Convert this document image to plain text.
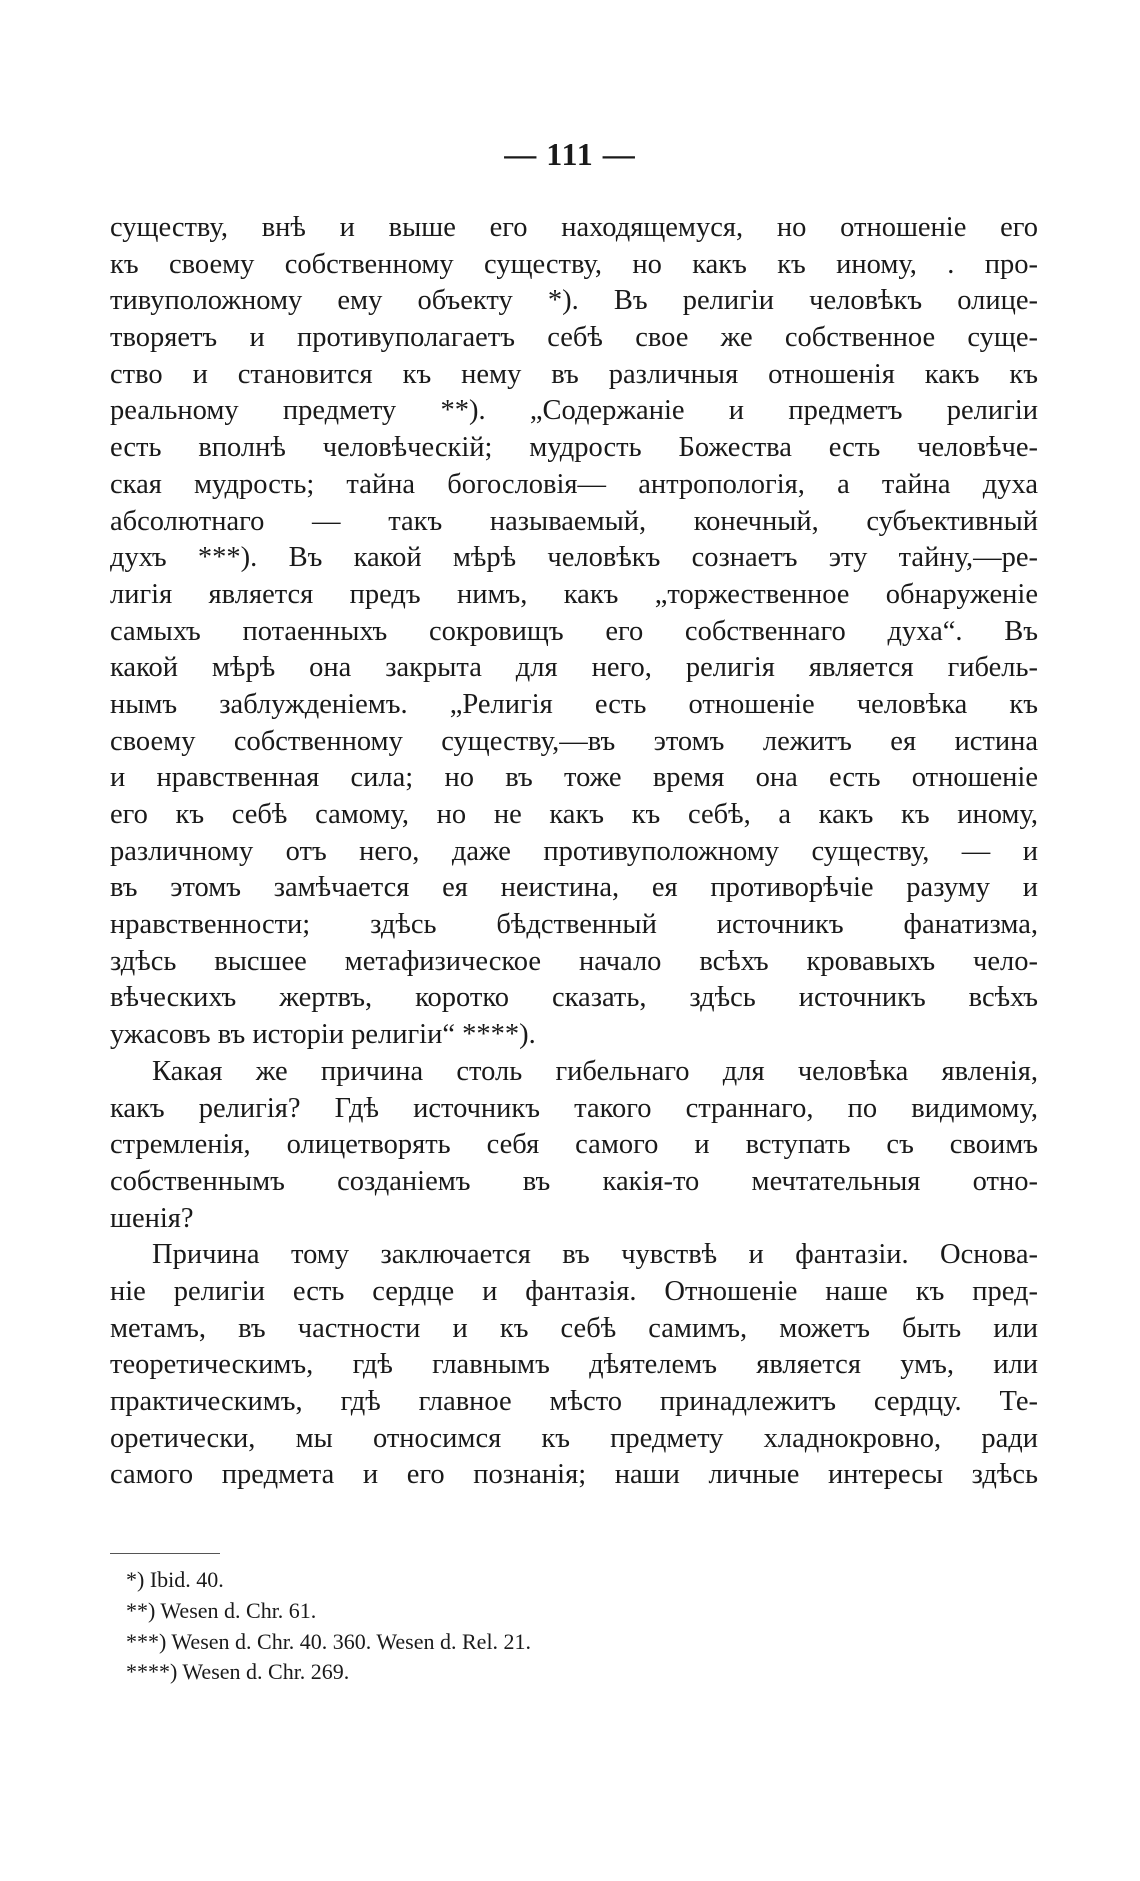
— 111 —
существу, внѣ и выше его находящемуся, но отношеніе его
къ своему собственному существу, но какъ къ иному, . про-
тивуположному ему объекту *). Въ религіи человѣкъ олице-
творяетъ и противуполагаетъ себѣ свое же собственное суще-
ство и становится къ нему въ различныя отношенія какъ къ
реальному предмету **). „Содержаніе и предметъ религіи
есть вполнѣ человѣческій; мудрость Божества есть человѣче-
ская мудрость; тайна богословія— антропологія, а тайна духа
абсолютнаго — такъ называемый, конечный, субъективный
духъ ***). Въ какой мѣрѣ человѣкъ сознаетъ эту тайну,—ре-
лигія является предъ нимъ, какъ „торжественное обнаруженіе
самыхъ потаенныхъ сокровищъ его собственнаго духа“. Въ
какой мѣрѣ она закрыта для него, религія является гибель-
нымъ заблужденіемъ. „Религія есть отношеніе человѣка къ
своему собственному существу,—въ этомъ лежитъ ея истина
и нравственная сила; но въ тоже время она есть отношеніе
его къ себѣ самому, но не какъ къ себѣ, а какъ къ иному,
различному отъ него, даже противуположному существу, — и
въ этомъ замѣчается ея неистина, ея противорѣчіе разуму и
нравственности; здѣсь бѣдственный источникъ фанатизма,
здѣсь высшее метафизическое начало всѣхъ кровавыхъ чело-
вѣческихъ жертвъ, коротко сказать, здѣсь источникъ всѣхъ
ужасовъ въ исторіи религіи“ ****).
Какая же причина столь гибельнаго для человѣка явленія,
какъ религія? Гдѣ источникъ такого страннаго, по видимому,
стремленія, олицетворять себя самого и вступать съ своимъ
собственнымъ созданіемъ въ какія-то мечтательныя отно-
шенія?
Причина тому заключается въ чувствѣ и фантазіи. Основа-
ніе религіи есть сердце и фантазія. Отношеніе наше къ пред-
метамъ, въ частности и къ себѣ самимъ, можетъ быть или
теоретическимъ, гдѣ главнымъ дѣятелемъ является умъ, или
практическимъ, гдѣ главное мѣсто принадлежитъ сердцу. Те-
оретически, мы относимся къ предмету хладнокровно, ради
самого предмета и его познанія; наши личные интересы здѣсь
*) Ibid. 40.
**) Wesen d. Chr. 61.
***) Wesen d. Chr. 40. 360. Wesen d. Rel. 21.
****) Wesen d. Chr. 269.
